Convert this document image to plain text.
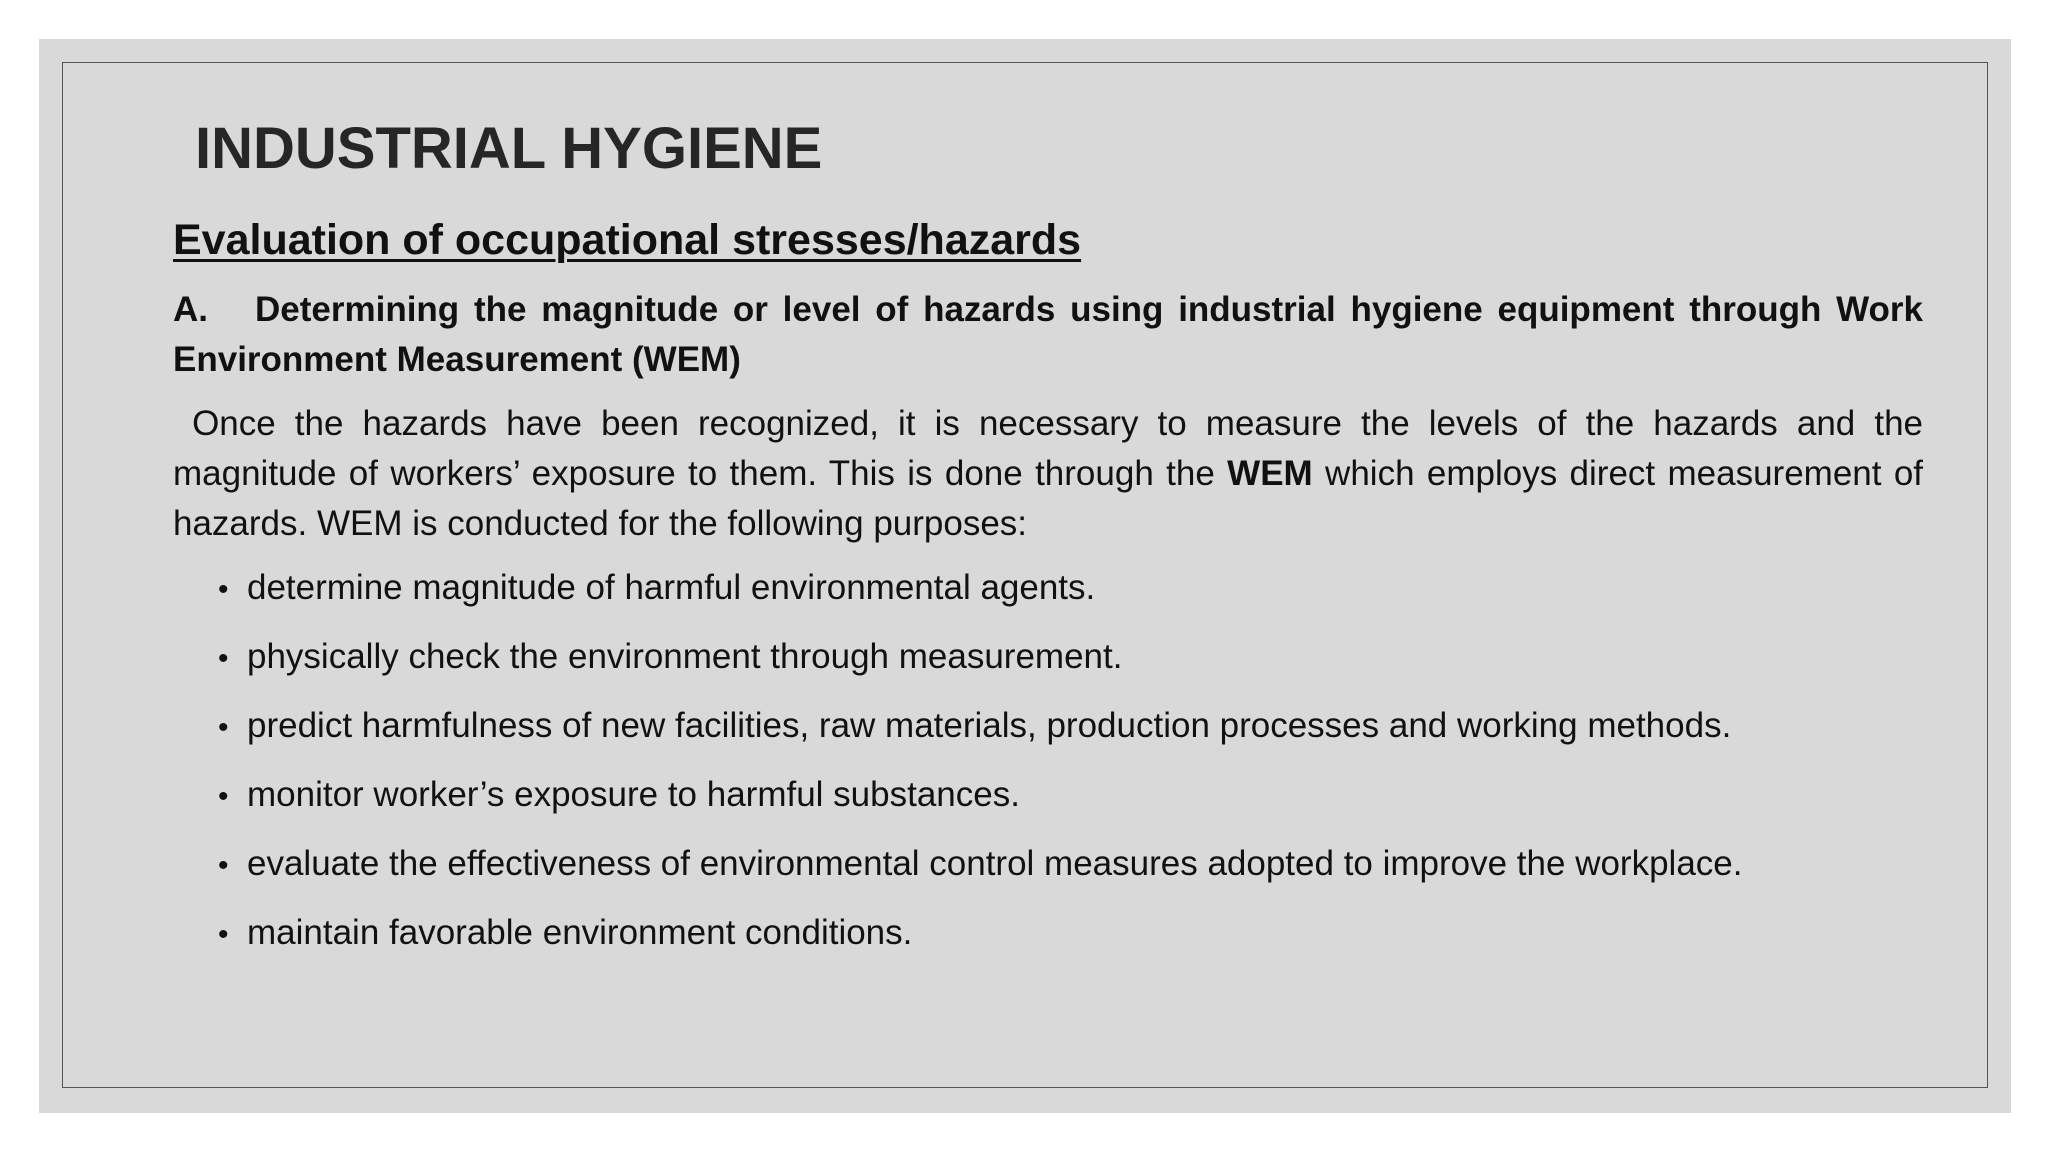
INDUSTRIAL HYGIENE

Evaluation of occupational stresses/hazards

A. Determining the magnitude or level of hazards using industrial hygiene equipment through Work Environment Measurement (WEM)

Once the hazards have been recognized, it is necessary to measure the levels of the hazards and the magnitude of workers’ exposure to them. This is done through the WEM which employs direct measurement of hazards. WEM is conducted for the following purposes:

• determine magnitude of harmful environmental agents.
• physically check the environment through measurement.
• predict harmfulness of new facilities, raw materials, production processes and working methods.
• monitor worker’s exposure to harmful substances.
• evaluate the effectiveness of environmental control measures adopted to improve the workplace.
• maintain favorable environment conditions.
